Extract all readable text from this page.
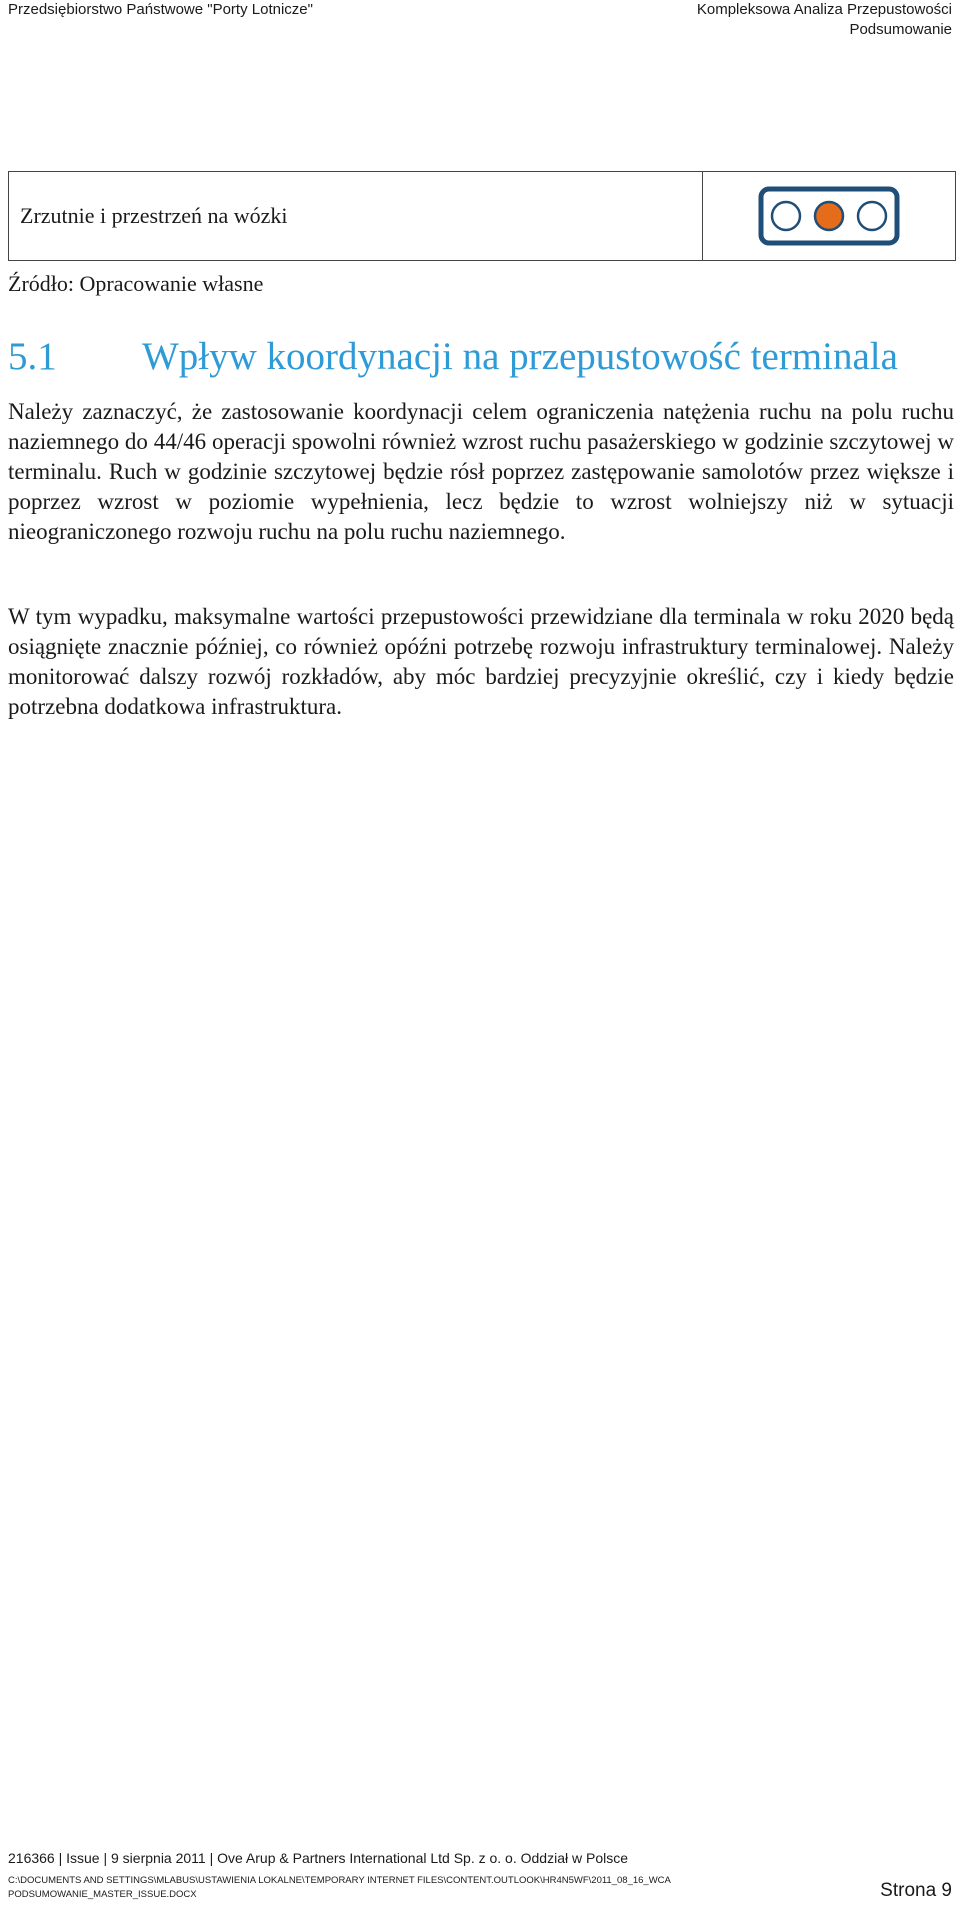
Przedsiębiorstwo Państwowe "Porty Lotnicze"	Kompleksowa Analiza Przepustowości
Podsumowanie
Zrzutnie i przestrzeń na wózki
Źródło: Opracowanie własne
5.1 Wpływ koordynacji na przepustowość terminala

Należy zaznaczyć, że zastosowanie koordynacji celem ograniczenia natężenia ruchu na polu ruchu naziemnego do 44/46 operacji spowolni również wzrost ruchu pasażerskiego w godzinie szczytowej w terminalu. Ruch w godzinie szczytowej będzie rósł poprzez zastępowanie samolotów przez większe i poprzez wzrost w poziomie wypełnienia, lecz będzie to wzrost wolniejszy niż w sytuacji nieograniczonego rozwoju ruchu na polu ruchu naziemnego.

W tym wypadku, maksymalne wartości przepustowości przewidziane dla terminala w roku 2020 będą osiągnięte znacznie później, co również opóźni potrzebę rozwoju infrastruktury terminalowej. Należy monitorować dalszy rozwój rozkładów, aby móc bardziej precyzyjnie określić, czy i kiedy będzie potrzebna dodatkowa infrastruktura.

216366 | Issue | 9 sierpnia 2011 | Ove Arup & Partners International Ltd Sp. z o. o. Oddział w Polsce
C:\DOCUMENTS AND SETTINGS\MLABUS\USTAWIENIA LOKALNE\TEMPORARY INTERNET FILES\CONTENT.OUTLOOK\HR4N5WF\2011_08_16_WCA PODSUMOWANIE_MASTER_ISSUE.DOCX	Strona 9
